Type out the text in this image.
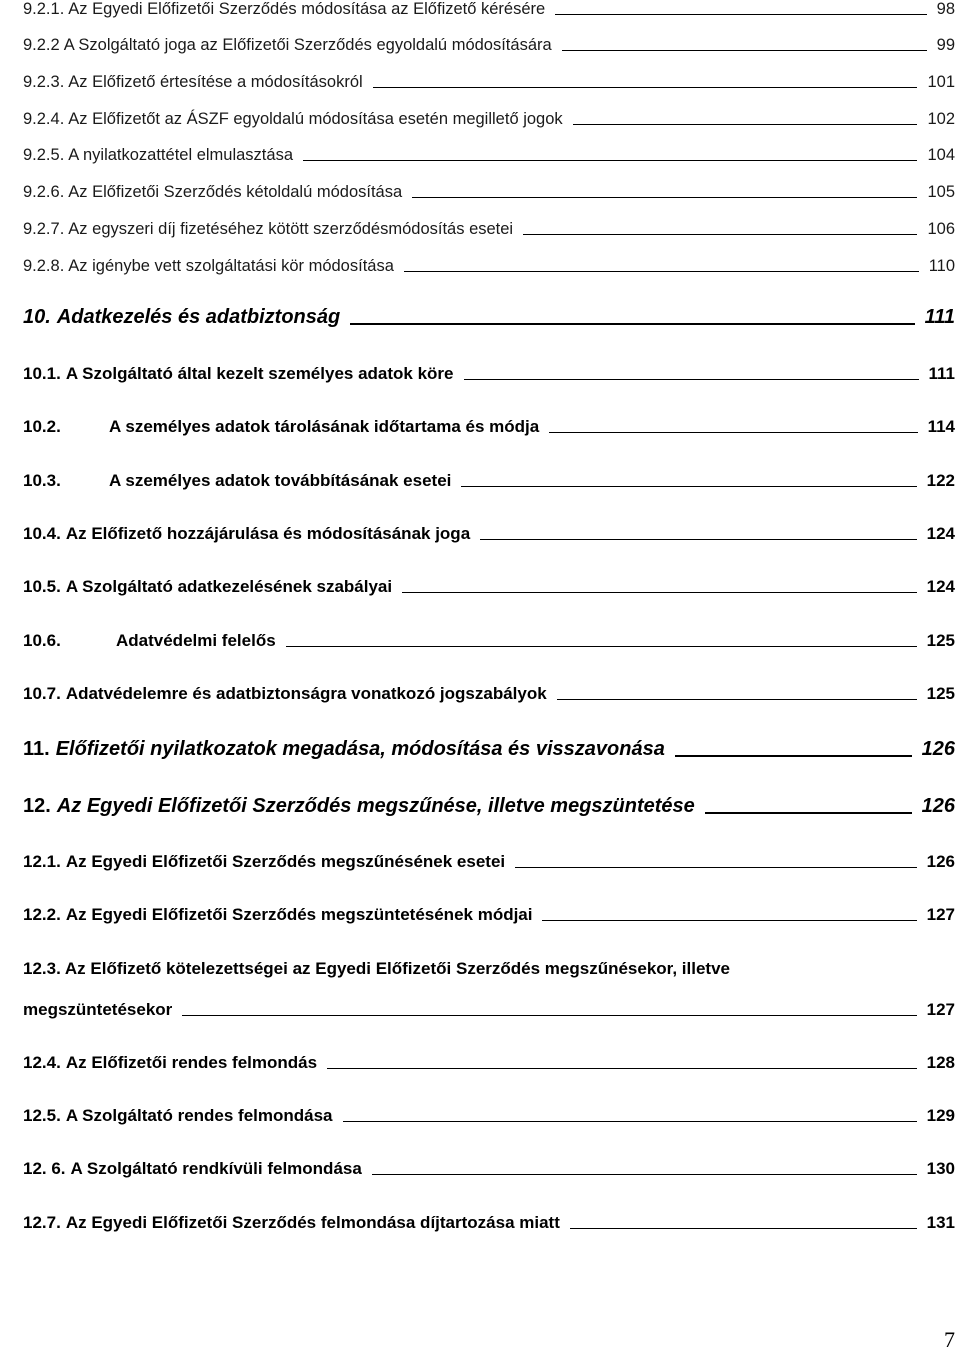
9.2.1. Az Egyedi Előfizetői Szerződés módosítása az Előfizető kérésére	98
9.2.2 A Szolgáltató joga az Előfizetői Szerződés egyoldalú módosítására	99
9.2.3. Az Előfizető értesítése a módosításokról	101
9.2.4. Az Előfizetőt az ÁSZF egyoldalú módosítása esetén megillető jogok	102
9.2.5. A nyilatkozattétel elmulasztása	104
9.2.6. Az Előfizetői Szerződés kétoldalú módosítása	105
9.2.7. Az egyszeri díj fizetéséhez kötött szerződésmódosítás esetei	106
9.2.8. Az igénybe vett szolgáltatási kör módosítása	110
10. Adatkezelés és adatbiztonság	111
10.1. A Szolgáltató által kezelt személyes adatok köre	111
10.2.	A személyes adatok tárolásának időtartama és módja	114
10.3.	A személyes adatok továbbításának esetei	122
10.4. Az Előfizető hozzájárulása és módosításának joga	124
10.5. A Szolgáltató adatkezelésének szabályai	124
10.6.	Adatvédelmi felelős	125
10.7. Adatvédelemre és adatbiztonságra vonatkozó jogszabályok	125
11. Előfizetői nyilatkozatok megadása, módosítása és visszavonása	126
12. Az Egyedi Előfizetői Szerződés megszűnése, illetve megszüntetése	126
12.1. Az Egyedi Előfizetői Szerződés megszűnésének esetei	126
12.2. Az Egyedi Előfizetői Szerződés megszüntetésének módjai	127
12.3. Az Előfizető kötelezettségei az Egyedi Előfizetői Szerződés megszűnésekor, illetve
megszüntetésekor	127
12.4. Az Előfizetői rendes felmondás	128
12.5. A Szolgáltató rendes felmondása	129
12. 6. A Szolgáltató rendkívüli felmondása	130
12.7. Az Egyedi Előfizetői Szerződés felmondása díjtartozása miatt	131
7
